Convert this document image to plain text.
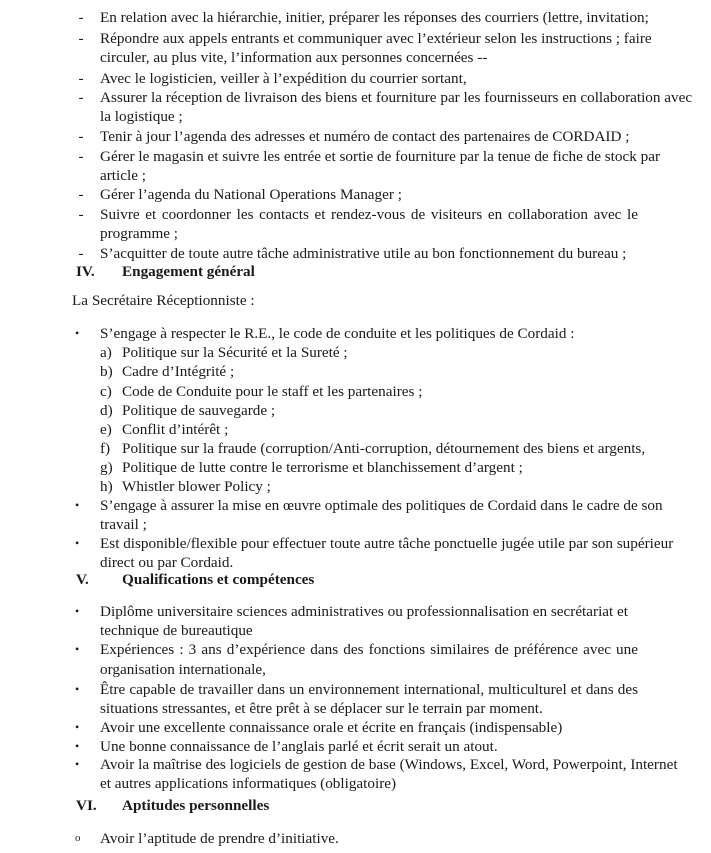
- En relation avec la hiérarchie, initier, préparer les réponses des courriers (lettre, invitation;
- Répondre aux appels entrants et communiquer avec l’extérieur selon les instructions ; faire
circuler, au plus vite, l’information aux personnes concernées --
- Avec le logisticien, veiller à l’expédition du courrier sortant,
- Assurer la réception de livraison des biens et fourniture par les fournisseurs en collaboration avec
la logistique ;
- Tenir à jour l’agenda des adresses et numéro de contact des partenaires de CORDAID ;
- Gérer le magasin et suivre les entrée et sortie de fourniture par la tenue de fiche de stock par
article ;
- Gérer l’agenda du National Operations Manager ;
- Suivre et coordonner les contacts et rendez-vous de visiteurs en collaboration avec le
programme ;
- S’acquitter de toute autre tâche administrative utile au bon fonctionnement du bureau ;
IV. Engagement général
La Secrétaire Réceptionniste :
• S’engage à respecter le R.E., le code de conduite et les politiques de Cordaid :
a) Politique sur la Sécurité et la Sureté ;
b) Cadre d’Intégrité ;
c) Code de Conduite pour le staff et les partenaires ;
d) Politique de sauvegarde ;
e) Conflit d’intérêt ;
f) Politique sur la fraude (corruption/Anti-corruption, détournement des biens et argents,
g) Politique de lutte contre le terrorisme et blanchissement d’argent ;
h) Whistler blower Policy ;
• S’engage à assurer la mise en œuvre optimale des politiques de Cordaid dans le cadre de son
travail ;
• Est disponible/flexible pour effectuer toute autre tâche ponctuelle jugée utile par son supérieur
direct ou par Cordaid.
V. Qualifications et compétences
• Diplôme universitaire sciences administratives ou professionnalisation en secrétariat et
technique de bureautique
• Expériences : 3 ans d’expérience dans des fonctions similaires de préférence avec une
organisation internationale,
• Être capable de travailler dans un environnement international, multiculturel et dans des
situations stressantes, et être prêt à se déplacer sur le terrain par moment.
• Avoir une excellente connaissance orale et écrite en français (indispensable)
• Une bonne connaissance de l’anglais parlé et écrit serait un atout.
• Avoir la maîtrise des logiciels de gestion de base (Windows, Excel, Word, Powerpoint, Internet
et autres applications informatiques (obligatoire)
VI. Aptitudes personnelles
o Avoir l’aptitude de prendre d’initiative.
